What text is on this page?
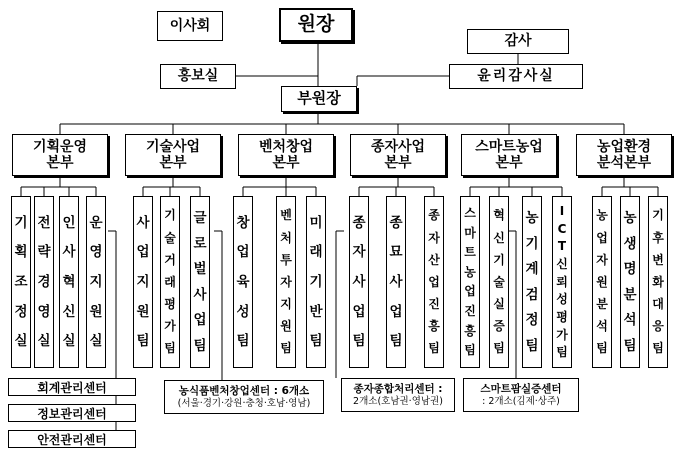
이사회	원장
감사
홍보실	윤리감사실
부원장
기획운영
본부
기술사업
본부
벤처창업
본부
종자사업
본부
스마트농업
본부
농업환경
분석본부
기
획
조
정
실
전
략
경
영
실
인
사
혁
신
실
운
영
지
원
실
사
업
지
원
팀
기
술
거
래
평
가
팀
글
로
벌
사
업
팀
창
업
육
성
팀
벤
처
투
자
지
원
팀
미
래
기
반
팀
종
자
사
업
팀
종
묘
사
업
팀
종
자
산
업
진
흥
팀
스
마
트
농
업
진
흥
팀
혁
신
기
술
실
증
팀
농
기
계
검
정
팀
I
C
T
신
뢰
성
평
가
팀
농
업
자
원
분
석
팀
농
생
명
분
석
팀
기
후
변
화
대
응
팀
회계관리센터
정보관리센터
안전관리센터
농식품벤처창업센터 : 6개소
(서울·경기·강원·충청·호남·영남)
종자종합처리센터 :
2개소(호남권·영남권)
스마트팜실증센터
: 2개소(김제·상주)
